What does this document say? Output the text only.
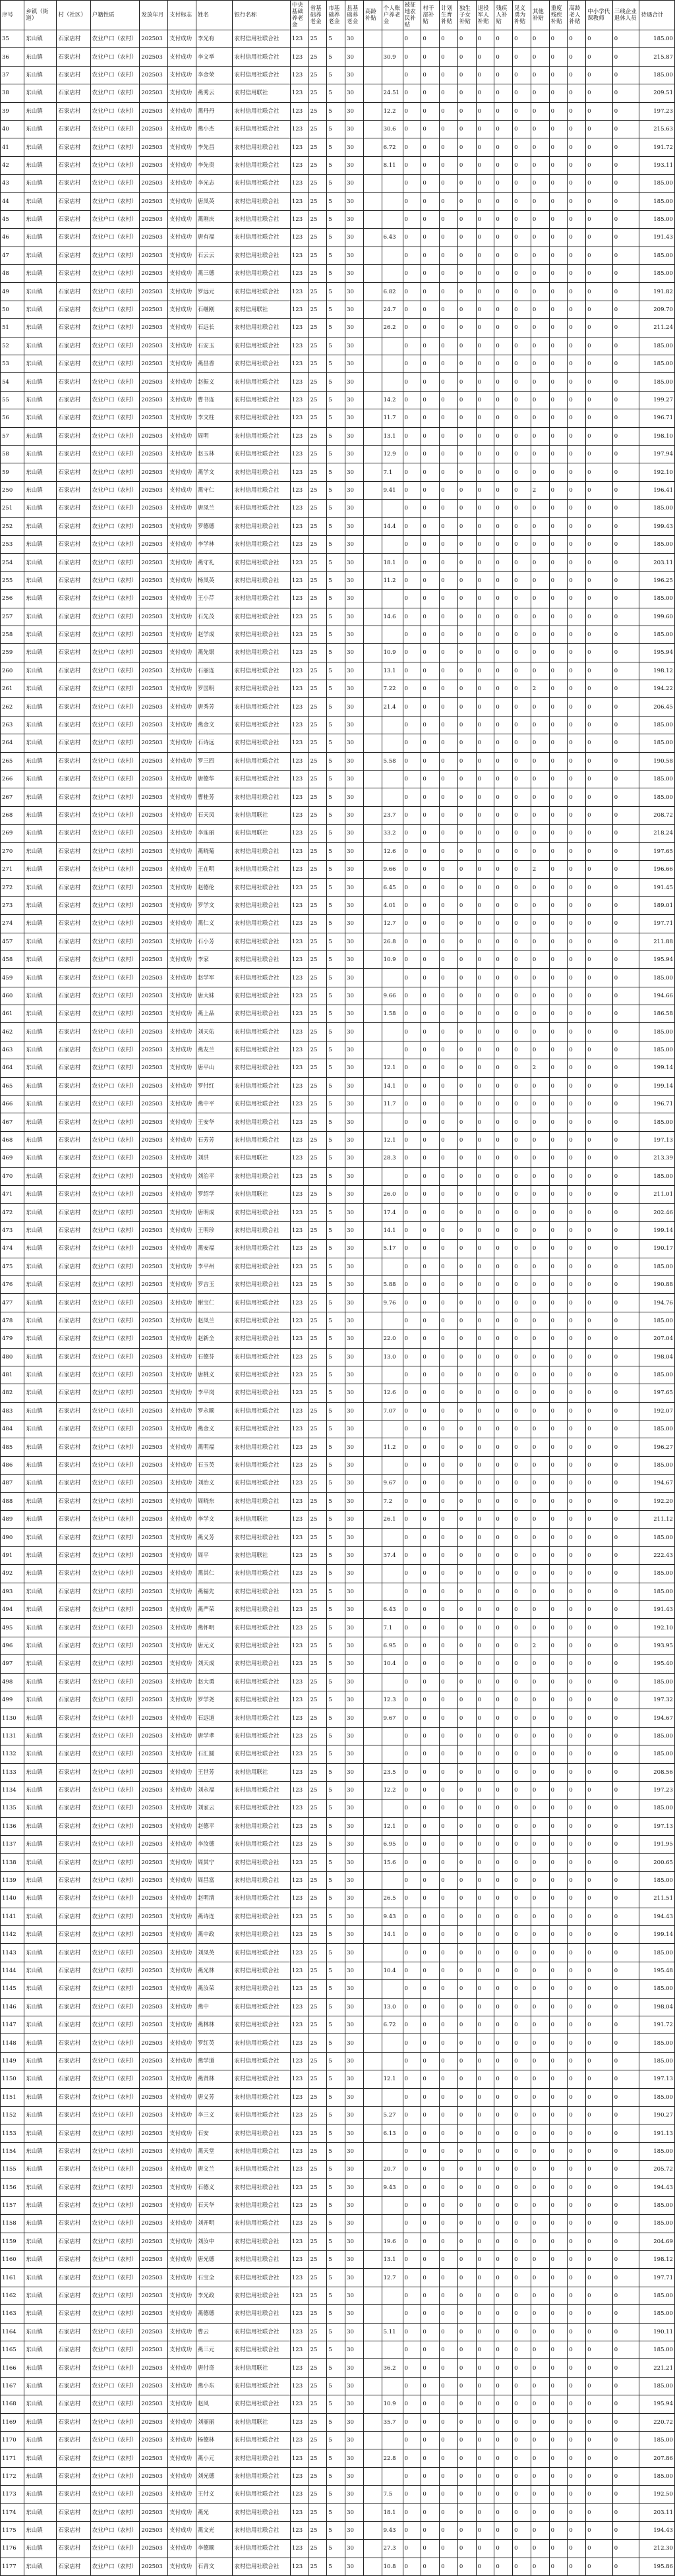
序号	乡镇（街道）	村（社区）	户籍性质	发放年月	支付标志	姓名	银行名称	中央基础养老金	省基础养老金	市基础养老金	县基础养老金	高龄补贴	个人账户养老金	被征地农民补贴	村干部补贴	计划生育补贴	独生子女补贴	退役军人补贴	残疾人补贴	见义勇为补贴	其他补贴	重度残疾补贴	高龄老人补贴	中小学代课教师	三线企业退休人员	待遇合计
35	东山镇	石家店村	农业户口（农村）	202503	支付成功	李光有	农村信用社联合社	123	25	5	30			0	0	0	0	0	0	0	0	0	0	0	0	185.00
36	东山镇	石家店村	农业户口（农村）	202503	支付成功	李文举	农村信用社联合社	123	25	5	30		30.9	0	0	0	0	0	0	0	0	0	0	0	0	215.87
37	东山镇	石家店村	农业户口（农村）	202503	支付成功	李金荣	农村信用社联合社	123	25	5	30			0	0	0	0	0	0	0	0	0	0	0	0	185.00
38	东山镇	石家店村	农业户口（农村）	202503	支付成功	燕秀云	农村信用联社	123	25	5	30		24.51	0	0	0	0	0	0	0	0	0	0	0	0	209.51
39	东山镇	石家店村	农业户口（农村）	202503	支付成功	燕丹丹	农村信用社联合社	123	25	5	30		12.2	0	0	0	0	0	0	0	0	0	0	0	0	197.23
40	东山镇	石家店村	农业户口（农村）	202503	支付成功	燕小杰	农村信用社联合社	123	25	5	30		30.6	0	0	0	0	0	0	0	0	0	0	0	0	215.63
41	东山镇	石家店村	农业户口（农村）	202503	支付成功	李先昌	农村信用社联合社	123	25	5	30		6.72	0	0	0	0	0	0	0	0	0	0	0	0	191.72
42	东山镇	石家店村	农业户口（农村）	202503	支付成功	李先贵	农村信用社联合社	123	25	5	30		8.11	0	0	0	0	0	0	0	0	0	0	0	0	193.11
43	东山镇	石家店村	农业户口（农村）	202503	支付成功	李光志	农村信用社联合社	123	25	5	30			0	0	0	0	0	0	0	0	0	0	0	0	185.00
44	东山镇	石家店村	农业户口（农村）	202503	支付成功	唐凤英	农村信用社联合社	123	25	5	30			0	0	0	0	0	0	0	0	0	0	0	0	185.00
45	东山镇	石家店村	农业户口（农村）	202503	支付成功	燕刚庆	农村信用社联合社	123	25	5	30			0	0	0	0	0	0	0	0	0	0	0	0	185.00
46	东山镇	石家店村	农业户口（农村）	202503	支付成功	唐有福	农村信用社联合社	123	25	5	30		6.43	0	0	0	0	0	0	0	0	0	0	0	0	191.43
47	东山镇	石家店村	农业户口（农村）	202503	支付成功	石云云	农村信用社联合社	123	25	5	30			0	0	0	0	0	0	0	0	0	0	0	0	185.00
48	东山镇	石家店村	农业户口（农村）	202503	支付成功	燕三德	农村信用社联合社	123	25	5	30			0	0	0	0	0	0	0	0	0	0	0	0	185.00
49	东山镇	石家店村	农业户口（农村）	202503	支付成功	罗远元	农村信用社联合社	123	25	5	30		6.82	0	0	0	0	0	0	0	0	0	0	0	0	191.82
50	东山镇	石家店村	农业户口（农村）	202503	支付成功	石继刚	农村信用联社	123	25	5	30		24.7	0	0	0	0	0	0	0	0	0	0	0	0	209.70
51	东山镇	石家店村	农业户口（农村）	202503	支付成功	石远长	农村信用社联合社	123	25	5	30		26.2	0	0	0	0	0	0	0	0	0	0	0	0	211.24
52	东山镇	石家店村	农业户口（农村）	202503	支付成功	石安玉	农村信用社联合社	123	25	5	30			0	0	0	0	0	0	0	0	0	0	0	0	185.00
53	东山镇	石家店村	农业户口（农村）	202503	支付成功	燕昌香	农村信用社联合社	123	25	5	30			0	0	0	0	0	0	0	0	0	0	0	0	185.00
54	东山镇	石家店村	农业户口（农村）	202503	支付成功	赵振义	农村信用社联合社	123	25	5	30			0	0	0	0	0	0	0	0	0	0	0	0	185.00
55	东山镇	石家店村	农业户口（农村）	202503	支付成功	曹书连	农村信用社联合社	123	25	5	30		14.2	0	0	0	0	0	0	0	0	0	0	0	0	199.27
56	东山镇	石家店村	农业户口（农村）	202503	支付成功	李文柱	农村信用社联合社	123	25	5	30		11.7	0	0	0	0	0	0	0	0	0	0	0	0	196.71
57	东山镇	石家店村	农业户口（农村）	202503	支付成功	周明	农村信用社联合社	123	25	5	30		13.1	0	0	0	0	0	0	0	0	0	0	0	0	198.10
58	东山镇	石家店村	农业户口（农村）	202503	支付成功	赵玉林	农村信用社联合社	123	25	5	30		12.9	0	0	0	0	0	0	0	0	0	0	0	0	197.94
59	东山镇	石家店村	农业户口（农村）	202503	支付成功	燕学文	农村信用社联合社	123	25	5	30		7.1	0	0	0	0	0	0	0	0	0	0	0	0	192.10
250	东山镇	石家店村	农业户口（农村）	202503	支付成功	燕守仁	农村信用社联合社	123	25	5	30		9.41	0	0	0	0	0	0	0	2	0	0	0	0	196.41
251	东山镇	石家店村	农业户口（农村）	202503	支付成功	唐凤兰	农村信用社联合社	123	25	5	30			0	0	0	0	0	0	0	0	0	0	0	0	185.00
252	东山镇	石家店村	农业户口（农村）	202503	支付成功	罗德德	农村信用社联合社	123	25	5	30		14.4	0	0	0	0	0	0	0	0	0	0	0	0	199.43
253	东山镇	石家店村	农业户口（农村）	202503	支付成功	李学林	农村信用社联合社	123	25	5	30			0	0	0	0	0	0	0	0	0	0	0	0	185.00
254	东山镇	石家店村	农业户口（农村）	202503	支付成功	燕守礼	农村信用社联合社	123	25	5	30		18.1	0	0	0	0	0	0	0	0	0	0	0	0	203.11
255	东山镇	石家店村	农业户口（农村）	202503	支付成功	杨凤英	农村信用社联合社	123	25	5	30		11.2	0	0	0	0	0	0	0	0	0	0	0	0	196.25
256	东山镇	石家店村	农业户口（农村）	202503	支付成功	王小芹	农村信用社联合社	123	25	5	30			0	0	0	0	0	0	0	0	0	0	0	0	185.00
257	东山镇	石家店村	农业户口（农村）	202503	支付成功	石先茂	农村信用社联合社	123	25	5	30		14.6	0	0	0	0	0	0	0	0	0	0	0	0	199.60
258	东山镇	石家店村	农业户口（农村）	202503	支付成功	赵学成	农村信用社联合社	123	25	5	30			0	0	0	0	0	0	0	0	0	0	0	0	185.00
259	东山镇	石家店村	农业户口（农村）	202503	支付成功	燕先银	农村信用社联合社	123	25	5	30		10.9	0	0	0	0	0	0	0	0	0	0	0	0	195.94
260	东山镇	石家店村	农业户口（农村）	202503	支付成功	石丽连	农村信用社联合社	123	25	5	30		13.1	0	0	0	0	0	0	0	0	0	0	0	0	198.12
261	东山镇	石家店村	农业户口（农村）	202503	支付成功	罗国明	农村信用社联合社	123	25	5	30		7.22	0	0	0	0	0	0	0	2	0	0	0	0	194.22
262	东山镇	石家店村	农业户口（农村）	202503	支付成功	唐秀芳	农村信用社联合社	123	25	5	30		21.4	0	0	0	0	0	0	0	0	0	0	0	0	206.45
263	东山镇	石家店村	农业户口（农村）	202503	支付成功	燕金文	农村信用社联合社	123	25	5	30			0	0	0	0	0	0	0	0	0	0	0	0	185.00
264	东山镇	石家店村	农业户口（农村）	202503	支付成功	石诗远	农村信用社联合社	123	25	5	30			0	0	0	0	0	0	0	0	0	0	0	0	185.00
265	东山镇	石家店村	农业户口（农村）	202503	支付成功	罗三四	农村信用社联合社	123	25	5	30		5.58	0	0	0	0	0	0	0	0	0	0	0	0	190.58
266	东山镇	石家店村	农业户口（农村）	202503	支付成功	唐德华	农村信用社联合社	123	25	5	30			0	0	0	0	0	0	0	0	0	0	0	0	185.00
267	东山镇	石家店村	农业户口（农村）	202503	支付成功	曹桂芳	农村信用社联合社	123	25	5	30			0	0	0	0	0	0	0	0	0	0	0	0	185.00
268	东山镇	石家店村	农业户口（农村）	202503	支付成功	石天凤	农村信用联社	123	25	5	30		23.7	0	0	0	0	0	0	0	0	0	0	0	0	208.72
269	东山镇	石家店村	农业户口（农村）	202503	支付成功	李连丽	农村信用联社	123	25	5	30		33.2	0	0	0	0	0	0	0	0	0	0	0	0	218.24
270	东山镇	石家店村	农业户口（农村）	202503	支付成功	燕晓菊	农村信用社联合社	123	25	5	30		12.6	0	0	0	0	0	0	0	0	0	0	0	0	197.65
271	东山镇	石家店村	农业户口（农村）	202503	支付成功	王在明	农村信用社联合社	123	25	5	30		9.66	0	0	0	0	0	0	0	2	0	0	0	0	196.66
272	东山镇	石家店村	农业户口（农村）	202503	支付成功	赵德伦	农村信用社联合社	123	25	5	30		6.45	0	0	0	0	0	0	0	0	0	0	0	0	191.45
273	东山镇	石家店村	农业户口（农村）	202503	支付成功	罗学文	农村信用社联合社	123	25	5	30		4.01	0	0	0	0	0	0	0	0	0	0	0	0	189.01
274	东山镇	石家店村	农业户口（农村）	202503	支付成功	燕仁义	农村信用社联合社	123	25	5	30		12.7	0	0	0	0	0	0	0	0	0	0	0	0	197.71
457	东山镇	石家店村	农业户口（农村）	202503	支付成功	石小芳	农村信用社联合社	123	25	5	30		26.8	0	0	0	0	0	0	0	0	0	0	0	0	211.88
458	东山镇	石家店村	农业户口（农村）	202503	支付成功	李家	农村信用社联合社	123	25	5	30		10.9	0	0	0	0	0	0	0	0	0	0	0	0	195.94
459	东山镇	石家店村	农业户口（农村）	202503	支付成功	赵学军	农村信用社联合社	123	25	5	30			0	0	0	0	0	0	0	0	0	0	0	0	185.00
460	东山镇	石家店村	农业户口（农村）	202503	支付成功	唐大妹	农村信用社联合社	123	25	5	30		9.66	0	0	0	0	0	0	0	0	0	0	0	0	194.66
461	东山镇	石家店村	农业户口（农村）	202503	支付成功	燕上品	农村信用社联合社	123	25	5	30		1.58	0	0	0	0	0	0	0	0	0	0	0	0	186.58
462	东山镇	石家店村	农业户口（农村）	202503	支付成功	刘天佑	农村信用社联合社	123	25	5	30			0	0	0	0	0	0	0	0	0	0	0	0	185.00
463	东山镇	石家店村	农业户口（农村）	202503	支付成功	燕友兰	农村信用社联合社	123	25	5	30			0	0	0	0	0	0	0	0	0	0	0	0	185.00
464	东山镇	石家店村	农业户口（农村）	202503	支付成功	唐平山	农村信用社联合社	123	25	5	30		12.1	0	0	0	0	0	0	0	2	0	0	0	0	199.14
465	东山镇	石家店村	农业户口（农村）	202503	支付成功	罗付红	农村信用社联合社	123	25	5	30		14.1	0	0	0	0	0	0	0	0	0	0	0	0	199.14
466	东山镇	石家店村	农业户口（农村）	202503	支付成功	燕中平	农村信用社联合社	123	25	5	30		11.7	0	0	0	0	0	0	0	0	0	0	0	0	196.71
467	东山镇	石家店村	农业户口（农村）	202503	支付成功	王安华	农村信用社联合社	123	25	5	30			0	0	0	0	0	0	0	0	0	0	0	0	185.00
468	东山镇	石家店村	农业户口（农村）	202503	支付成功	石芳芳	农村信用社联合社	123	25	5	30		12.1	0	0	0	0	0	0	0	0	0	0	0	0	197.13
469	东山镇	石家店村	农业户口（农村）	202503	支付成功	刘洪	农村信用联社	123	25	5	30		28.3	0	0	0	0	0	0	0	0	0	0	0	0	213.39
470	东山镇	石家店村	农业户口（农村）	202503	支付成功	刘治平	农村信用社联合社	123	25	5	30			0	0	0	0	0	0	0	0	0	0	0	0	185.00
471	东山镇	石家店村	农业户口（农村）	202503	支付成功	罗绍学	农村信用联社	123	25	5	30		26.0	0	0	0	0	0	0	0	0	0	0	0	0	211.01
472	东山镇	石家店村	农业户口（农村）	202503	支付成功	唐明成	农村信用社联合社	123	25	5	30		17.4	0	0	0	0	0	0	0	0	0	0	0	0	202.46
473	东山镇	石家店村	农业户口（农村）	202503	支付成功	王明珍	农村信用社联合社	123	25	5	30		14.1	0	0	0	0	0	0	0	0	0	0	0	0	199.14
474	东山镇	石家店村	农业户口（农村）	202503	支付成功	燕安福	农村信用社联合社	123	25	5	30		5.17	0	0	0	0	0	0	0	0	0	0	0	0	190.17
475	东山镇	石家店村	农业户口（农村）	202503	支付成功	李平州	农村信用社联合社	123	25	5	30			0	0	0	0	0	0	0	0	0	0	0	0	185.00
476	东山镇	石家店村	农业户口（农村）	202503	支付成功	罗吉玉	农村信用社联合社	123	25	5	30		5.88	0	0	0	0	0	0	0	0	0	0	0	0	190.88
477	东山镇	石家店村	农业户口（农村）	202503	支付成功	谢宝仁	农村信用社联合社	123	25	5	30		9.76	0	0	0	0	0	0	0	0	0	0	0	0	194.76
478	东山镇	石家店村	农业户口（农村）	202503	支付成功	赵凤兰	农村信用社联合社	123	25	5	30			0	0	0	0	0	0	0	0	0	0	0	0	185.00
479	东山镇	石家店村	农业户口（农村）	202503	支付成功	赵新全	农村信用社联合社	123	25	5	30		22.0	0	0	0	0	0	0	0	0	0	0	0	0	207.04
480	东山镇	石家店村	农业户口（农村）	202503	支付成功	石德芬	农村信用社联合社	123	25	5	30		13.0	0	0	0	0	0	0	0	0	0	0	0	0	198.04
481	东山镇	石家店村	农业户口（农村）	202503	支付成功	唐桃义	农村信用社联合社	123	25	5	30			0	0	0	0	0	0	0	0	0	0	0	0	185.00
482	东山镇	石家店村	农业户口（农村）	202503	支付成功	李平岗	农村信用社联合社	123	25	5	30		12.6	0	0	0	0	0	0	0	0	0	0	0	0	197.65
483	东山镇	石家店村	农业户口（农村）	202503	支付成功	罗永顺	农村信用社联合社	123	25	5	30		7.07	0	0	0	0	0	0	0	0	0	0	0	0	192.07
484	东山镇	石家店村	农业户口（农村）	202503	支付成功	燕金义	农村信用社联合社	123	25	5	30			0	0	0	0	0	0	0	0	0	0	0	0	185.00
485	东山镇	石家店村	农业户口（农村）	202503	支付成功	燕明福	农村信用社联合社	123	25	5	30		11.2	0	0	0	0	0	0	0	0	0	0	0	0	196.27
486	东山镇	石家店村	农业户口（农村）	202503	支付成功	石玉英	农村信用社联合社	123	25	5	30			0	0	0	0	0	0	0	0	0	0	0	0	185.00
487	东山镇	石家店村	农业户口（农村）	202503	支付成功	刘治义	农村信用社联合社	123	25	5	30		9.67	0	0	0	0	0	0	0	0	0	0	0	0	194.67
488	东山镇	石家店村	农业户口（农村）	202503	支付成功	周晓东	农村信用社联合社	123	25	5	30		7.2	0	0	0	0	0	0	0	0	0	0	0	0	192.20
489	东山镇	石家店村	农业户口（农村）	202503	支付成功	李学文	农村信用联社	123	25	5	30		26.1	0	0	0	0	0	0	0	0	0	0	0	0	211.12
490	东山镇	石家店村	农业户口（农村）	202503	支付成功	燕义芳	农村信用社联合社	123	25	5	30			0	0	0	0	0	0	0	0	0	0	0	0	185.00
491	东山镇	石家店村	农业户口（农村）	202503	支付成功	周平	农村信用联社	123	25	5	30		37.4	0	0	0	0	0	0	0	0	0	0	0	0	222.43
492	东山镇	石家店村	农业户口（农村）	202503	支付成功	燕其仁	农村信用社联合社	123	25	5	30			0	0	0	0	0	0	0	0	0	0	0	0	185.00
493	东山镇	石家店村	农业户口（农村）	202503	支付成功	燕福先	农村信用社联合社	123	25	5	30			0	0	0	0	0	0	0	0	0	0	0	0	185.00
494	东山镇	石家店村	农业户口（农村）	202503	支付成功	燕严荣	农村信用社联合社	123	25	5	30		6.43	0	0	0	0	0	0	0	0	0	0	0	0	191.43
495	东山镇	石家店村	农业户口（农村）	202503	支付成功	燕怀明	农村信用社联合社	123	25	5	30		7.1	0	0	0	0	0	0	0	0	0	0	0	0	192.10
496	东山镇	石家店村	农业户口（农村）	202503	支付成功	唐元义	农村信用社联合社	123	25	5	30		6.95	0	0	0	0	0	0	0	2	0	0	0	0	193.95
497	东山镇	石家店村	农业户口（农村）	202503	支付成功	刘天成	农村信用社联合社	123	25	5	30		10.4	0	0	0	0	0	0	0	0	0	0	0	0	195.40
498	东山镇	石家店村	农业户口（农村）	202503	支付成功	赵大勇	农村信用社联合社	123	25	5	30			0	0	0	0	0	0	0	0	0	0	0	0	185.00
499	东山镇	石家店村	农业户口（农村）	202503	支付成功	罗学尧	农村信用社联合社	123	25	5	30		12.3	0	0	0	0	0	0	0	0	0	0	0	0	197.32
1130	东山镇	石家店村	农业户口（农村）	202503	支付成功	石远道	农村信用社联合社	123	25	5	30		9.67	0	0	0	0	0	0	0	0	0	0	0	0	194.67
1131	东山镇	石家店村	农业户口（农村）	202503	支付成功	唐学孝	农村信用社联合社	123	25	5	30			0	0	0	0	0	0	0	0	0	0	0	0	185.00
1132	东山镇	石家店村	农业户口（农村）	202503	支付成功	石汇圆	农村信用社联合社	123	25	5	30			0	0	0	0	0	0	0	0	0	0	0	0	185.00
1133	东山镇	石家店村	农业户口（农村）	202503	支付成功	王世芳	农村信用联社	123	25	5	30		23.5	0	0	0	0	0	0	0	0	0	0	0	0	208.56
1134	东山镇	石家店村	农业户口（农村）	202503	支付成功	刘永福	农村信用社联合社	123	25	5	30		12.2	0	0	0	0	0	0	0	0	0	0	0	0	197.23
1135	东山镇	石家店村	农业户口（农村）	202503	支付成功	刘家云	农村信用社联合社	123	25	5	30			0	0	0	0	0	0	0	0	0	0	0	0	185.00
1136	东山镇	石家店村	农业户口（农村）	202503	支付成功	赵德平	农村信用社联合社	123	25	5	30		12.1	0	0	0	0	0	0	0	0	0	0	0	0	197.13
1137	东山镇	石家店村	农业户口（农村）	202503	支付成功	李汝德	农村信用社联合社	123	25	5	30		6.95	0	0	0	0	0	0	0	0	0	0	0	0	191.95
1138	东山镇	石家店村	农业户口（农村）	202503	支付成功	周其宁	农村信用社联合社	123	25	5	30		15.6	0	0	0	0	0	0	0	0	0	0	0	0	200.65
1139	东山镇	石家店村	农业户口（农村）	202503	支付成功	周昌富	农村信用社联合社	123	25	5	30			0	0	0	0	0	0	0	0	0	0	0	0	185.00
1140	东山镇	石家店村	农业户口（农村）	202503	支付成功	赵明清	农村信用社联合社	123	25	5	30		26.5	0	0	0	0	0	0	0	0	0	0	0	0	211.51
1141	东山镇	石家店村	农业户口（农村）	202503	支付成功	燕诗连	农村信用社联合社	123	25	5	30		9.43	0	0	0	0	0	0	0	0	0	0	0	0	194.43
1142	东山镇	石家店村	农业户口（农村）	202503	支付成功	燕中政	农村信用社联合社	123	25	5	30		14.1	0	0	0	0	0	0	0	0	0	0	0	0	199.14
1143	东山镇	石家店村	农业户口（农村）	202503	支付成功	刘凤英	农村信用社联合社	123	25	5	30			0	0	0	0	0	0	0	0	0	0	0	0	185.00
1144	东山镇	石家店村	农业户口（农村）	202503	支付成功	燕光林	农村信用社联合社	123	25	5	30		10.4	0	0	0	0	0	0	0	0	0	0	0	0	195.48
1145	东山镇	石家店村	农业户口（农村）	202503	支付成功	燕汝荣	农村信用社联合社	123	25	5	30			0	0	0	0	0	0	0	0	0	0	0	0	185.00
1146	东山镇	石家店村	农业户口（农村）	202503	支付成功	燕中	农村信用社联合社	123	25	5	30		13.0	0	0	0	0	0	0	0	0	0	0	0	0	198.04
1147	东山镇	石家店村	农业户口（农村）	202503	支付成功	燕林林	农村信用社联合社	123	25	5	30		6.72	0	0	0	0	0	0	0	0	0	0	0	0	191.72
1148	东山镇	石家店村	农业户口（农村）	202503	支付成功	罗红英	农村信用社联合社	123	25	5	30			0	0	0	0	0	0	0	0	0	0	0	0	185.00
1149	东山镇	石家店村	农业户口（农村）	202503	支付成功	燕学道	农村信用社联合社	123	25	5	30			0	0	0	0	0	0	0	0	0	0	0	0	185.00
1150	东山镇	石家店村	农业户口（农村）	202503	支付成功	燕贤林	农村信用社联合社	123	25	5	30		12.1	0	0	0	0	0	0	0	0	0	0	0	0	197.13
1151	东山镇	石家店村	农业户口（农村）	202503	支付成功	唐义芳	农村信用社联合社	123	25	5	30			0	0	0	0	0	0	0	0	0	0	0	0	185.00
1152	东山镇	石家店村	农业户口（农村）	202503	支付成功	李三义	农村信用社联合社	123	25	5	30		5.27	0	0	0	0	0	0	0	0	0	0	0	0	190.27
1153	东山镇	石家店村	农业户口（农村）	202503	支付成功	石安	农村信用社联合社	123	25	5	30		6.13	0	0	0	0	0	0	0	0	0	0	0	0	191.13
1154	东山镇	石家店村	农业户口（农村）	202503	支付成功	燕天堂	农村信用社联合社	123	25	5	30			0	0	0	0	0	0	0	0	0	0	0	0	185.00
1155	东山镇	石家店村	农业户口（农村）	202503	支付成功	唐文兰	农村信用社联合社	123	25	5	30		20.7	0	0	0	0	0	0	0	0	0	0	0	0	205.72
1156	东山镇	石家店村	农业户口（农村）	202503	支付成功	石德义	农村信用社联合社	123	25	5	30		9.43	0	0	0	0	0	0	0	0	0	0	0	0	194.43
1157	东山镇	石家店村	农业户口（农村）	202503	支付成功	石天华	农村信用社联合社	123	25	5	30			0	0	0	0	0	0	0	0	0	0	0	0	185.00
1158	东山镇	石家店村	农业户口（农村）	202503	支付成功	刘开明	农村信用社联合社	123	25	5	30			0	0	0	0	0	0	0	0	0	0	0	0	185.00
1159	东山镇	石家店村	农业户口（农村）	202503	支付成功	刘汝中	农村信用社联合社	123	25	5	30		19.6	0	0	0	0	0	0	0	0	0	0	0	0	204.69
1160	东山镇	石家店村	农业户口（农村）	202503	支付成功	唐光德	农村信用社联合社	123	25	5	30		13.1	0	0	0	0	0	0	0	0	0	0	0	0	198.12
1161	东山镇	石家店村	农业户口（农村）	202503	支付成功	石宝全	农村信用社联合社	123	25	5	30		12.7	0	0	0	0	0	0	0	0	0	0	0	0	197.71
1162	东山镇	石家店村	农业户口（农村）	202503	支付成功	李光政	农村信用社联合社	123	25	5	30			0	0	0	0	0	0	0	0	0	0	0	0	185.00
1163	东山镇	石家店村	农业户口（农村）	202503	支付成功	燕德德	农村信用社联合社	123	25	5	30			0	0	0	0	0	0	0	0	0	0	0	0	185.00
1164	东山镇	石家店村	农业户口（农村）	202503	支付成功	曹云	农村信用社联合社	123	25	5	30		5.11	0	0	0	0	0	0	0	0	0	0	0	0	190.11
1165	东山镇	石家店村	农业户口（农村）	202503	支付成功	燕三元	农村信用社联合社	123	25	5	30			0	0	0	0	0	0	0	0	0	0	0	0	185.00
1166	东山镇	石家店村	农业户口（农村）	202503	支付成功	唐付奇	农村信用联社	123	25	5	30		36.2	0	0	0	0	0	0	0	0	0	0	0	0	221.21
1167	东山镇	石家店村	农业户口（农村）	202503	支付成功	燕小东	农村信用社联合社	123	25	5	30			0	0	0	0	0	0	0	0	0	0	0	0	185.00
1168	东山镇	石家店村	农业户口（农村）	202503	支付成功	赵风	农村信用社联合社	123	25	5	30		10.9	0	0	0	0	0	0	0	0	0	0	0	0	195.94
1169	东山镇	石家店村	农业户口（农村）	202503	支付成功	刘丽丽	农村信用联社	123	25	5	30		35.7	0	0	0	0	0	0	0	0	0	0	0	0	220.72
1170	东山镇	石家店村	农业户口（农村）	202503	支付成功	杨德林	农村信用社联合社	123	25	5	30			0	0	0	0	0	0	0	0	0	0	0	0	185.00
1171	东山镇	石家店村	农业户口（农村）	202503	支付成功	燕小元	农村信用社联合社	123	25	5	30		22.8	0	0	0	0	0	0	0	0	0	0	0	0	207.86
1172	东山镇	石家店村	农业户口（农村）	202503	支付成功	刘光德	农村信用社联合社	123	25	5	30			0	0	0	0	0	0	0	0	0	0	0	0	185.00
1173	东山镇	石家店村	农业户口（农村）	202503	支付成功	王付义	农村信用社联合社	123	25	5	30		7.5	0	0	0	0	0	0	0	0	0	0	0	0	192.50
1174	东山镇	石家店村	农业户口（农村）	202503	支付成功	燕光	农村信用社联合社	123	25	5	30		18.1	0	0	0	0	0	0	0	0	0	0	0	0	203.11
1175	东山镇	石家店村	农业户口（农村）	202503	支付成功	燕文光	农村信用社联合社	123	25	5	30		9.43	0	0	0	0	0	0	0	0	0	0	0	0	194.43
1176	东山镇	石家店村	农业户口（农村）	202503	支付成功	李德顺	农村信用社联合社	123	25	5	30		27.3	0	0	0	0	0	0	0	0	0	0	0	0	212.30
1177	东山镇	石家店村	农业户口（农村）	202503	支付成功	石青文	农村信用社联合社	123	25	5	30		10.8	0	0	0	0	0	0	0	0	0	0	0	0	195.86
